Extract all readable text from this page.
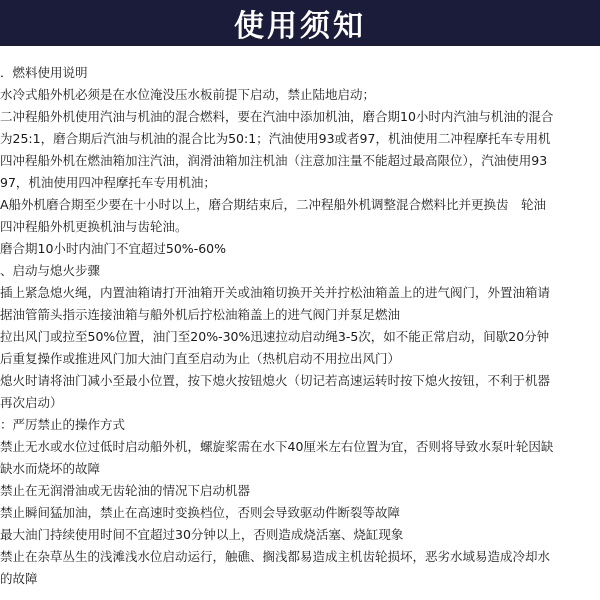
使用须知
．燃料使用说明
水冷式船外机必须是在水位淹没压水板前提下启动，禁止陆地启动；
二冲程船外机使用汽油与机油的混合燃料，要在汽油中添加机油，磨合期10小时内汽油与机油的混合
为25:1，磨合期后汽油与机油的混合比为50:1；汽油使用93或者97，机油使用二冲程摩托车专用机
四冲程船外机在燃油箱加注汽油，润滑油箱加注机油（注意加注量不能超过最高限位），汽油使用93
97，机油使用四冲程摩托车专用机油；
A船外机磨合期至少要在十小时以上，磨合期结束后，二冲程船外机调整混合燃料比并更换齿　轮油
四冲程船外机更换机油与齿轮油。
磨合期10小时内油门不宜超过50%-60%
、启动与熄火步骤
插上紧急熄火绳，内置油箱请打开油箱开关或油箱切换开关并拧松油箱盖上的进气阀门，外置油箱请
据油管箭头指示连接油箱与船外机后拧松油箱盖上的进气阀门并泵足燃油
拉出风门或拉至50%位置，油门至20%-30%迅速拉动启动绳3-5次，如不能正常启动，间歇20分钟
后重复操作或推进风门加大油门直至启动为止（热机启动不用拉出风门）
熄火时请将油门减小至最小位置，按下熄火按钮熄火（切记若高速运转时按下熄火按钮，不利于机器
再次启动）
：严厉禁止的操作方式
禁止无水或水位过低时启动船外机，螺旋桨需在水下40厘米左右位置为宜，否则将导致水泵叶轮因缺
缺水而烧坏的故障
禁止在无润滑油或无齿轮油的情况下启动机器
禁止瞬间猛加油，禁止在高速时变换档位，否则会导致驱动件断裂等故障
最大油门持续使用时间不宜超过30分钟以上，否则造成烧活塞、烧缸现象
禁止在杂草丛生的浅滩浅水位启动运行，触礁、搁浅都易造成主机齿轮损坏，恶劣水域易造成冷却水
的故障
